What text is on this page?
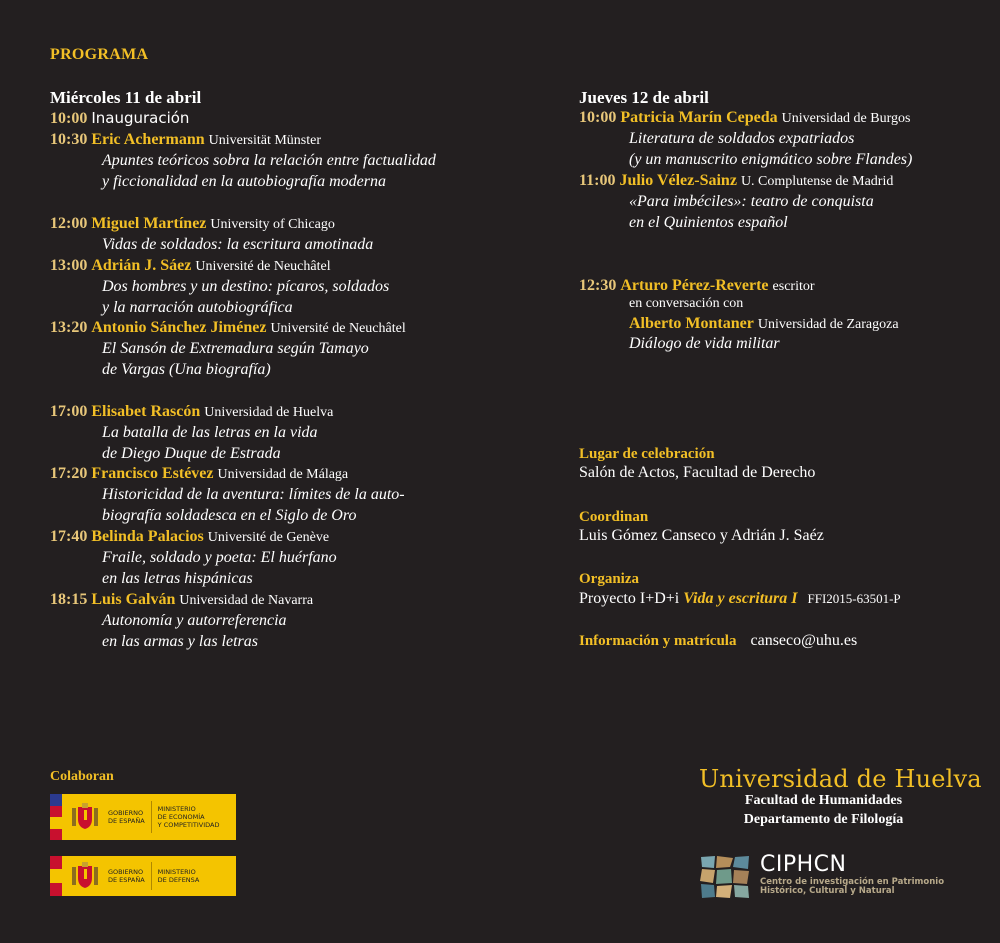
PROGRAMA
Miércoles 11 de abril
10:00 Inauguración
10:30 Eric Achermann Universität Münster
Apuntes teóricos sobra la relación entre factualidad
y ficcionalidad en la autobiografía moderna
12:00 Miguel Martínez University of Chicago
Vidas de soldados: la escritura amotinada
13:00 Adrián J. Sáez Université de Neuchâtel
Dos hombres y un destino: pícaros, soldados
y la narración autobiográfica
13:20 Antonio Sánchez Jiménez Université de Neuchâtel
El Sansón de Extremadura según Tamayo
de Vargas (Una biografía)
17:00 Elisabet Rascón Universidad de Huelva
La batalla de las letras en la vida
de Diego Duque de Estrada
17:20 Francisco Estévez Universidad de Málaga
Historicidad de la aventura: límites de la auto-
biografía soldadesca en el Siglo de Oro
17:40 Belinda Palacios Université de Genève
Fraile, soldado y poeta: El huérfano
en las letras hispánicas
18:15 Luis Galván Universidad de Navarra
Autonomía y autorreferencia
en las armas y las letras
Jueves 12 de abril
10:00 Patricia Marín Cepeda Universidad de Burgos
Literatura de soldados expatriados
(y un manuscrito enigmático sobre Flandes)
11:00 Julio Vélez-Sainz U. Complutense de Madrid
«Para imbéciles»: teatro de conquista
en el Quinientos español
12:30 Arturo Pérez-Reverte escritor
en conversación con
Alberto Montaner Universidad de Zaragoza
Diálogo de vida militar
Lugar de celebración
Salón de Actos, Facultad de Derecho
Coordinan
Luis Gómez Canseco y Adrián J. Saéz
Organiza
Proyecto I+D+i Vida y escritura I FFI2015-63501-P
Información y matrícula canseco@uhu.es
Colaboran
GOBIERNO
DE ESPAÑA
MINISTERIO
DE ECONOMÍA
Y COMPETITIVIDAD
GOBIERNO
DE ESPAÑA
MINISTERIO
DE DEFENSA
Universidad de Huelva
Facultad de Humanidades
Departamento de Filología
CIPHCN
Centro de investigación en Patrimonio
Histórico, Cultural y Natural
